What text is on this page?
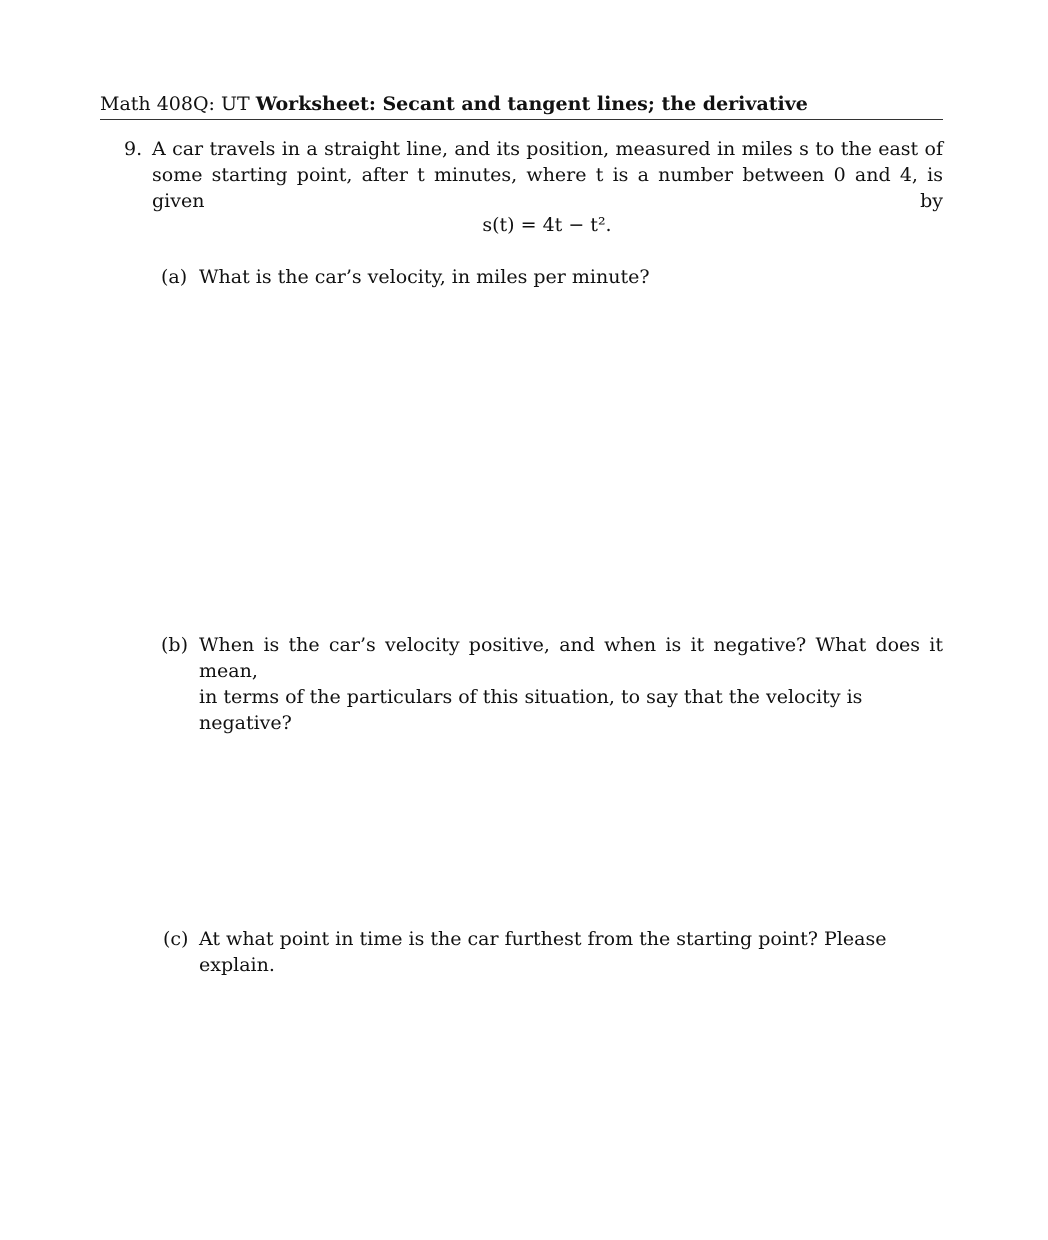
Math 408Q: UT Worksheet: Secant and tangent lines; the derivative
9. A car travels in a straight line, and its position, measured in miles s to the east of
some starting point, after t minutes, where t is a number between 0 and 4, is given by
s(t) = 4t − t².
(a) What is the car’s velocity, in miles per minute?
(b) When is the car’s velocity positive, and when is it negative? What does it mean,
in terms of the particulars of this situation, to say that the velocity is negative?
(c) At what point in time is the car furthest from the starting point? Please explain.
